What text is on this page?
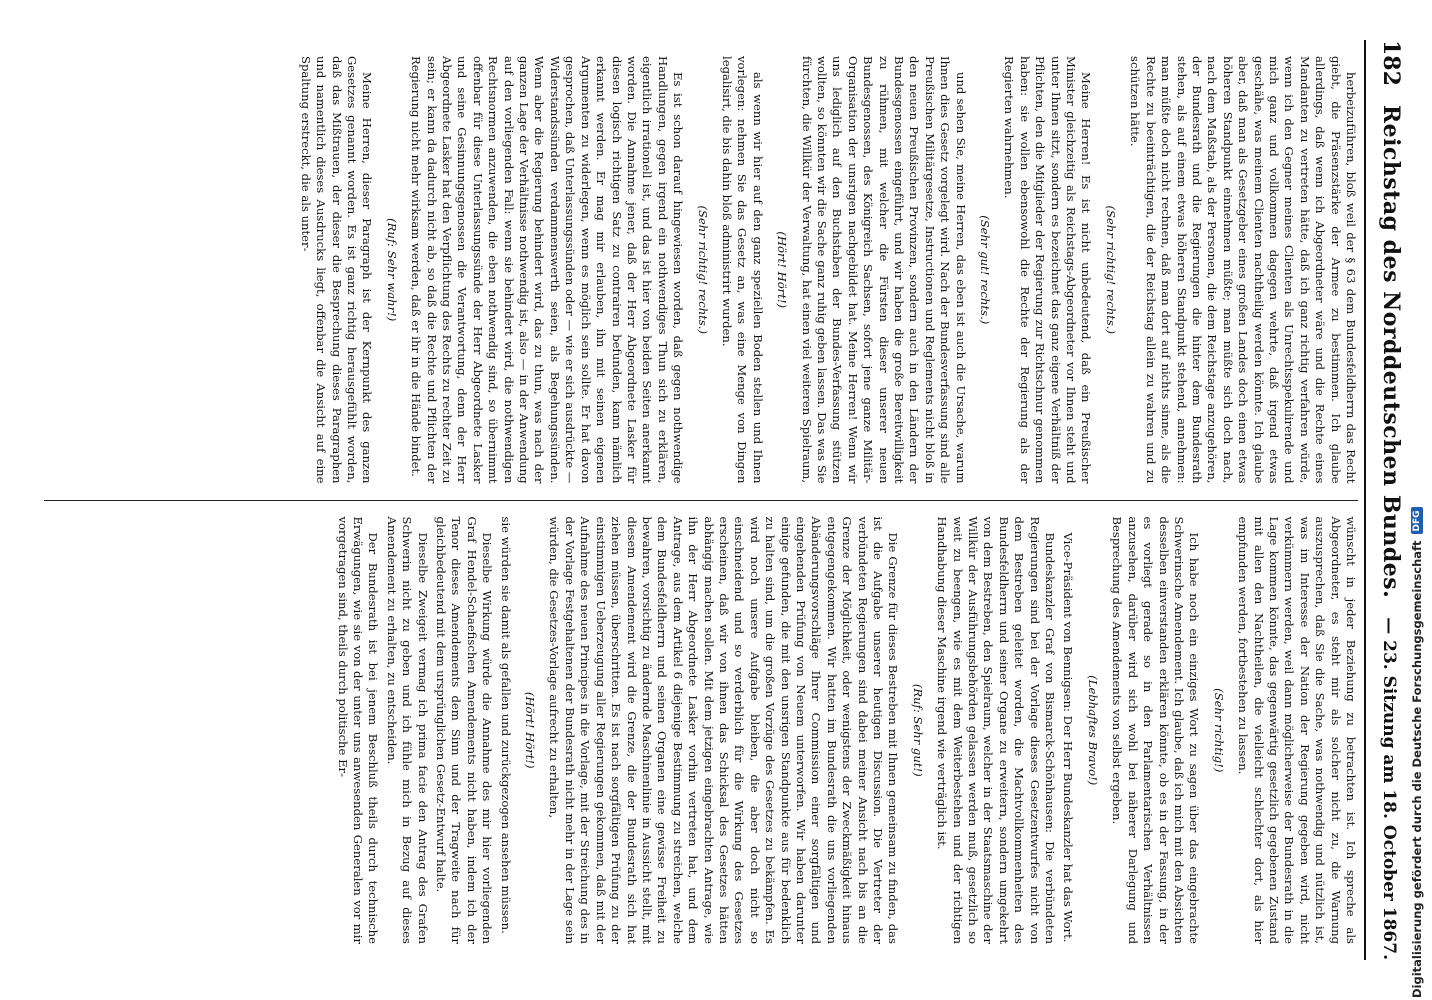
182
Reichstag des Norddeutschen Bundes.
— 23. Sitzung am 18. October 1867.

herbeizuführen, bloß weil der § 63 dem Bundesfeldherrn das Recht giebt, die Präsenzstärke der Armee zu bestimmen. Ich glaube allerdings, daß wenn ich Abgeordneter wäre und die Rechte eines Mandanten zu vertreten hätte, daß ich ganz richtig verfahren würde, wenn ich den Gegner meines Clienten als Unrechtsspekulirende und mich ganz und vollkommen dagegen wehrte, daß irgend etwas geschähe, was meinem Clienten nachtheilig werden könnte. Ich glaube aber, daß man als Gesetzgeber eines großen Landes doch einen etwas höheren Standpunkt einnehmen müßte; man müßte sich doch nach, nach dem Maßstab, als der Personen, die dem Reichstage anzugehören, der Bundesrath und die Regierungen die hinter dem Bundesrath stehen, als auf einem etwas höheren Standpunkt stehend, annehmen: man müßte doch nicht rechnen, daß man dort auf nichts sinne, als die Rechte zu beeinträchtigen, die der Reichstag allein zu wahren und zu schützen hätte.

(Sehr richtig! rechts.)

Meine Herren! Es ist nicht unbedeutend, daß ein Preußischer Minister gleichzeitig als Reichstags-Abgeordneter vor Ihnen steht und unter Ihnen sitzt, sondern es bezeichnet das ganz eigene Verhältniß der Pflichten, den die Mitglieder der Regierung zur Richtschnur genommen haben: sie wollen ebensowohl die Rechte der Regierung als der Regierten wahrnehmen.

(Sehr gut! rechts.)

und sehen Sie, meine Herren, das eben ist auch die Ursache, warum Ihnen dies Gesetz vorgelegt wird. Nach der Bundesverfassung sind alle Preußischen Militärgesetze, Instructionen und Reglements nicht bloß in den neuen Preußischen Provinzen, sondern auch in den Ländern der Bundesgenossen eingeführt, und wir haben die große Bereitwilligkeit zu rühmen, mit welcher die Fürsten dieser unserer neuen Bundesgenossen, des Königreich Sachsen, sofort jene ganze Militär-Organisation der unsrigen nachgebildet hat. Meine Herren! Wenn wir uns lediglich auf den Buchstaben der Bundes-Verfassung stützen wollten, so könnten wir die Sache ganz ruhig geben lassen. Das was Sie fürchten, die Willkür der Verwaltung, hat einen viel weiteren Spielraum,

(Hört! Hört!)

als wenn wir hier auf den ganz speziellen Boden stellen und Ihnen vorlegen: nehmen Sie das Gesetz an, was eine Menge von Dingen legalisirt, die bis dahin bloß administrirt wurden.

(Sehr richtig! rechts.)

Es ist schon darauf hingewiesen worden, daß gegen nothwendige Handlungen, gegen irgend ein nothwendiges Thun sich zu erklären, eigentlich irrationell ist, und das ist hier von beiden Seiten anerkannt worden. Die Annahme jener, daß der Herr Abgeordnete Lasker für diesen logisch richtigen Satz zu contrairen befunden, kann nämlich erkannt werden. Er mag mir erlauben, ihn mit seinen eigenen Argumenten zu widerlegen, wenn es möglich sein sollte. Er hat davon gesprochen, daß Unterlassungssünden oder — wie er sich ausdrückte — Widerstandssünden verdammenswerth seien, als Begehungssünden. Wenn aber die Regierung behindert wird, das zu thun, was nach der ganzen Lage der Verhältnisse nothwendig ist, also — in der Anwendung auf den vorliegenden Fall: wenn sie behindert wird, die nothwendigen Rechtsnormen anzuwenden, die eben nothwendig sind, so übernimmt offenbar für diese Unterlassungssünde der Herr Abgeordnete Lasker und seine Gesinnungsgenossen die Verantwortung, denn der Herr Abgeordnete Lasker hat den Verpflichtung des Rechts zu rechter Zeit zu sein; er kann da dadurch nicht ab, so daß die Rechte und Pflichten der Regierung nicht mehr wirksam werden, daß er ihr in die Hände bindet.

(Ruf: Sehr wahr!)

Meine Herren, dieser Paragraph ist der Kernpunkt des ganzen Gesetzes genannt worden. Es ist ganz richtig herausgefühlt worden, daß das Mißtrauen, der dieser die Besprechung dieses Paragraphen und namentlich dieses Ausdrucks liegt, offenbar die Ansicht auf eine Spaltung erstreckt, die als unter-

wünscht in jeder Beziehung zu betrachten ist. Ich spreche als Abgeordneter, es steht mir als solcher nicht zu, die Warnung auszusprechen, daß Sie die Sache, was nothwendig und nützlich ist, was im Interesse der Nation der Regierung gegeben wird, nicht verkümmern werden, weil dann möglicherweise der Bundesrath in die Lage kommen könnte, das gegenwärtig gesetzlich gegebenen Zustand mit allen den Nachtheilen, die vielleicht schlechter dort, als hier empfunden werden, fortbestehen zu lassen.

(Sehr richtig!)

Ich habe noch ein einziges Wort zu sagen über das eingebrachte Schwerinsche Amendement. Ich glaube, daß ich mich mit den Absichten desselben einverstanden erklären könnte, ob es in der Fassung, in der es vorliegt gerade so in den Parlamentarischen Verhältnissen anzusehen, darüber wird sich wohl bei näherer Darlegung und Besprechung des Amendements von selbst ergeben.

(Lebhaftes Bravo!)

Vice-Präsident von Bennigsen: Der Herr Bundeskanzler hat das Wort.

Bundeskanzler Graf von Bismarck-Schönhausen: Die verbündeten Regierungen sind bei der Vorlage dieses Gesetzentwurfes nicht von dem Bestreben geleitet worden, die Machtvollkommenheiten des Bundesfeldherrn und seiner Organe zu erweitern, sondern umgekehrt von dem Bestreben, den Spielraum, welcher in der Staatsmaschine der Willkür der Ausführungsbehörden gelassen werden muß, gesetzlich so weit zu beengen, wie es mit dem Weiterbestehen und der richtigen Handhabung dieser Maschine irgend wie verträglich ist.

(Ruf: Sehr gut!)

Die Grenze für dieses Bestreben mit Ihnen gemeinsam zu finden, das ist die Aufgabe unserer heutigen Discussion. Die Vertreter der verbündeten Regierungen sind dabei meiner Ansicht nach bis an die Grenze der Möglichkeit, oder wenigstens der Zweckmäßigkeit hinaus entgegengekommen. Wir hatten im Bundesrath die uns vorliegenden Abänderungsvorschläge Ihrer Commission einer sorgfältigen und eingehenden Prüfung von Neuem unterworfen. Wir haben darunter einige gefunden, die mit den unsrigen Standpunkte aus für bedenklich zu halten sind, um die großen Vorzüge des Gesetzes zu bekämpfen. Es wird noch unsere Aufgabe bleiben, die aber doch nicht so einschneidend und so verderblich für die Wirkung des Gesetzes erscheinen, daß wir von ihnen das Schicksal des Gesetzes hätten abhängig machen sollen. Mit dem jetzigen eingebrachten Antrage, wie ihn der Herr Abgeordnete Lasker vorhin vertreten hat, und dem Antrage, aus dem Artikel 6 diejenige Bestimmung zu streichen, welche dem Bundesfeldherrn und seinen Organen eine gewisse Freiheit zu bewahren, vorsichtig zu ändernde Maschinenlinie in Aussicht stellt, mit diesem Amendement wird die Grenze, die der Bundesrath sich hat ziehen müssen, überschritten. Es ist nach sorgfältigen Prüfung zu der einstimmigen Ueberzeugung aller Regierungen gekommen, daß mit der Aufnahme des neuen Principes in die Vorlage, mit der Streichung des in der Vorlage Festgehaltenen der Bundesrath nicht mehr in der Lage sein würden, die Gesetzes-Vorlage aufrecht zu erhalten,

(Hört! Hört!)

sie würden sie damit als gefallen und zurückgezogen ansehen müssen.

Dieselbe Wirkung würde die Annahme des mir hier vorliegenden Graf Hendel-Schaefischen Amendements nicht haben, indem ich der Tenor dieses Amendements dem Sinn und der Tragweite nach für gleichbedeutend mit dem ursprünglichen Gesetz-Entwurf halte.

Dieselbe Zweigeit vermag ich prima facie den Antrag des Grafen Schwerin nicht zu geben und ich fühle mich in Bezug auf dieses Amendement zu erhalten, zu entscheiden.

Der Bundesrath ist bei jenem Beschluß theils durch technische Erwägungen, wie sie von der unter uns anwesenden Generalen vor mir vorgetragen sind, theils durch politische Er-	Digitalisierung gefördert durch die Deutsche Forschungsgemeinschaft
DFG
